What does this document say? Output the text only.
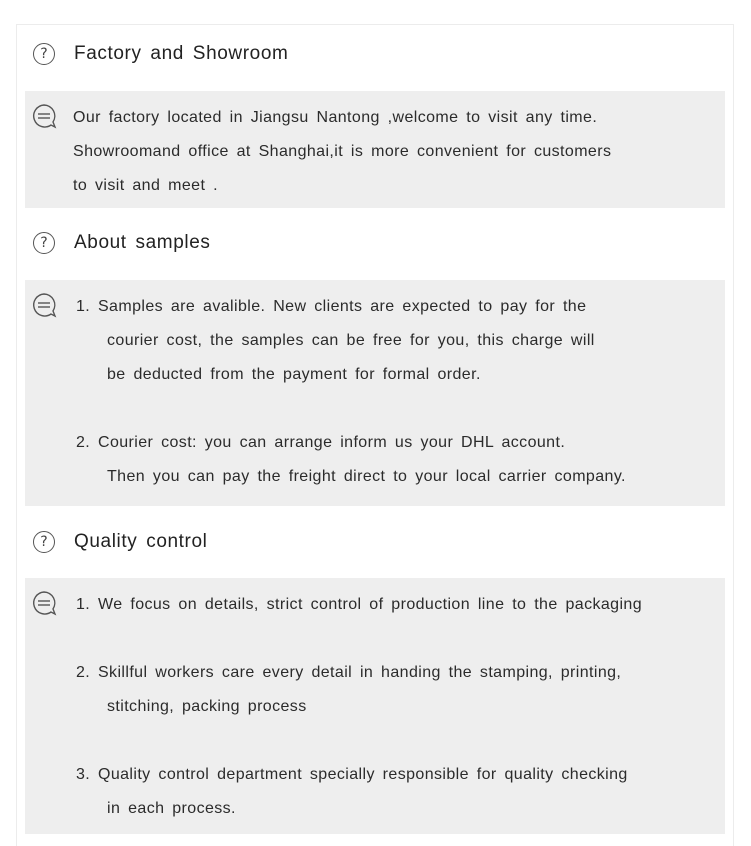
?	Factory and Showroom
Our factory located in Jiangsu Nantong ,welcome to visit any time.
Showroomand office at Shanghai,it is more convenient for customers
to visit and meet .
?	About samples
1. Samples are avalible. New clients are expected to pay for the
courier cost, the samples can be free for you, this charge will
be deducted from the payment for formal order.
2. Courier cost: you can arrange inform us your DHL account.
Then you can pay the freight direct to your local carrier company.
?	Quality control
1. We focus on details, strict control of production line to the packaging
2. Skillful workers care every detail in handing the stamping, printing,
stitching, packing process
3. Quality control department specially responsible for quality checking
in each process.
